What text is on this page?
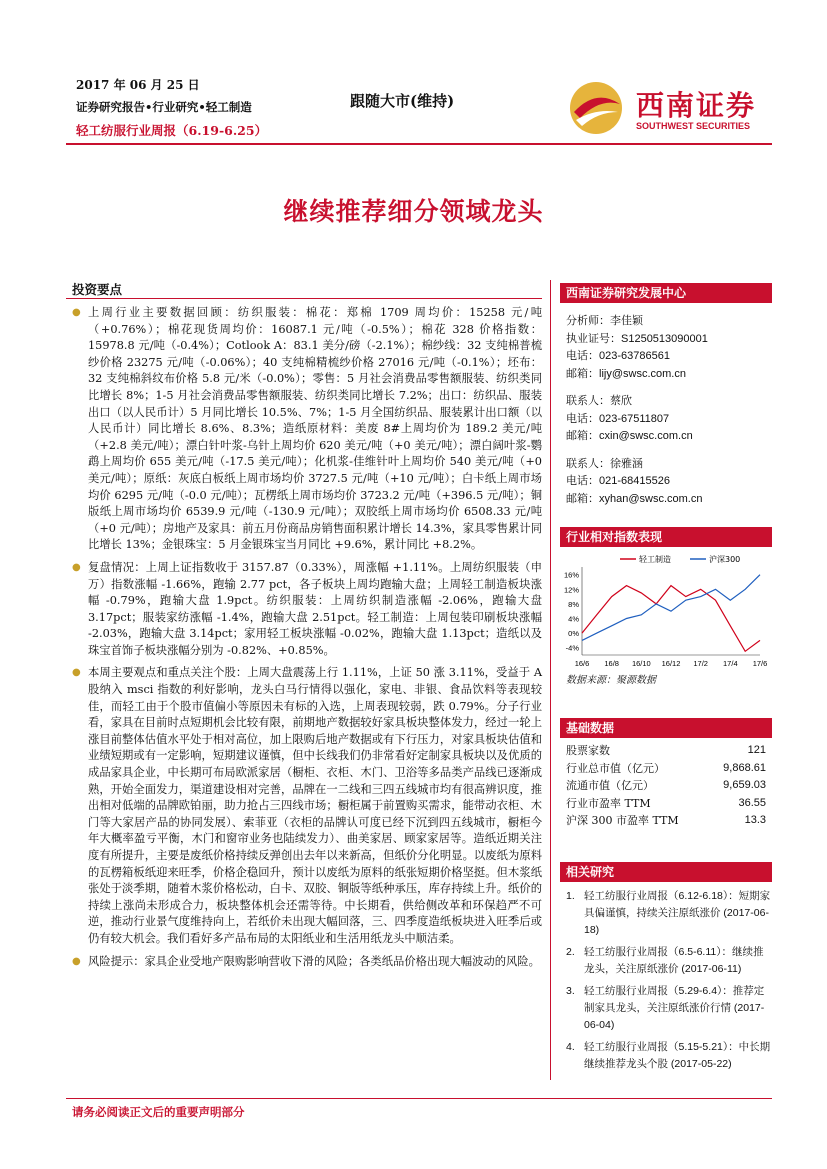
2017 年 06 月 25 日
证券研究报告•行业研究•轻工制造
轻工纺服行业周报（6.19-6.25）
跟随大市(维持)	西南证券
SOUTHWEST SECURITIES
继续推荐细分领域龙头
投资要点

● 上周行业主要数据回顾：纺织服装：棉花：郑棉 1709 周均价：15258 元/吨（+0.76%）；棉花现货周均价：16087.1 元/吨（-0.5%）；棉花 328 价格指数：15978.8 元/吨（-0.4%）；Cotlook A：83.1 美分/磅（-2.1%）；棉纱线：32 支纯棉普梳纱价格 23275 元/吨（-0.06%）；40 支纯棉精梳纱价格 27016 元/吨（-0.1%）；坯布：32 支纯棉斜纹布价格 5.8 元/米（-0.0%）；零售：5 月社会消费品零售额服装、纺织类同比增长 8%；1-5 月社会消费品零售额服装、纺织类同比增长 7.2%；出口：纺织品、服装出口（以人民币计）5 月同比增长 10.5%、7%；1-5 月全国纺织品、服装累计出口额（以人民币计）同比增长 8.6%、8.3%；造纸原材料：美废 8#上周均价为 189.2 美元/吨（+2.8 美元/吨）；漂白针叶浆-乌针上周均价 620 美元/吨（+0 美元/吨）；漂白阔叶浆-鹦鹉上周均价 655 美元/吨（-17.5 美元/吨）；化机浆-佳维针叶上周均价 540 美元/吨（+0 美元/吨）；原纸：灰底白板纸上周市场均价 3727.5 元/吨（+10 元/吨）；白卡纸上周市场均价 6295 元/吨（-0.0 元/吨）；瓦楞纸上周市场均价 3723.2 元/吨（+396.5 元/吨）；铜版纸上周市场均价 6539.9 元/吨（-130.9 元/吨）；双胶纸上周市场均价 6508.33 元/吨（+0 元/吨）；房地产及家具：前五月份商品房销售面积累计增长 14.3%，家具零售累计同比增长 13%；金银珠宝：5 月金银珠宝当月同比 +9.6%，累计同比 +8.2%。

● 复盘情况：上周上证指数收于 3157.87（0.33%），周涨幅 +1.11%。上周纺织服装（申万）指数涨幅 -1.66%，跑输 2.77 pct，各子板块上周均跑输大盘；上周轻工制造板块涨幅 -0.79%，跑输大盘 1.9pct。纺织服装：上周纺织制造涨幅 -2.06%，跑输大盘 3.17pct；服装家纺涨幅 -1.4%，跑输大盘 2.51pct。轻工制造：上周包装印刷板块涨幅 -2.03%，跑输大盘 3.14pct；家用轻工板块涨幅 -0.02%，跑输大盘 1.13pct；造纸以及珠宝首饰子板块涨幅分别为 -0.82%、+0.85%。

● 本周主要观点和重点关注个股：上周大盘震荡上行 1.11%，上证 50 涨 3.11%，受益于 A 股纳入 msci 指数的利好影响，龙头白马行情得以强化，家电、非银、食品饮料等表现较佳，而轻工由于个股市值偏小等原因未有标的入选，上周表现较弱，跌 0.79%。分子行业看，家具在目前时点短期机会比较有限，前期地产数据较好家具板块整体发力，经过一轮上涨目前整体估值水平处于相对高位，加上限购后地产数据或有下行压力，对家具板块估值和业绩短期或有一定影响，短期建议谨慎，但中长线我们仍非常看好定制家具板块以及优质的成品家具企业，中长期可布局欧派家居（橱柜、衣柜、木门、卫浴等多品类产品线已逐渐成熟，开始全面发力，渠道建设相对完善，品牌在一二线和三四五线城市均有很高辨识度，推出相对低端的品牌欧铂丽，助力抢占三四线市场；橱柜属于前置购买需求，能带动衣柜、木门等大家居产品的协同发展）、索菲亚（衣柜的品牌认可度已经下沉到四五线城市，橱柜今年大概率盈亏平衡，木门和窗帘业务也陆续发力）、曲美家居、顾家家居等。造纸近期关注度有所提升，主要是废纸价格持续反弹创出去年以来新高，但纸价分化明显。以废纸为原料的瓦楞箱板纸迎来旺季，价格企稳回升，预计以废纸为原料的纸张短期价格坚挺。但木浆纸张处于淡季期，随着木浆价格松动，白卡、双胶、铜版等纸种承压，库存持续上升。纸价的持续上涨尚未形成合力，板块整体机会还需等待。中长期看，供给侧改革和环保趋严不可逆，推动行业景气度维持向上，若纸价未出现大幅回落，三、四季度造纸板块进入旺季后或仍有较大机会。我们看好多产品布局的太阳纸业和生活用纸龙头中顺洁柔。

● 风险提示：家具企业受地产限购影响营收下滑的风险；各类纸品价格出现大幅波动的风险。

西南证券研究发展中心
分析师：李佳颖
执业证号：S1250513090001
电话：023-63786561
邮箱：lijy@swsc.com.cn
联系人：蔡欣
电话：023-67511807
邮箱：cxin@swsc.com.cn
联系人：徐雅涵
电话：021-68415526
邮箱：xyhan@swsc.com.cn
行业相对指数表现
16%
12%
8%
4%
0%
-4%
16/6 16/8 16/10 16/12 17/2 17/4 17/6
轻工制造	沪深300
数据来源：聚源数据
基础数据
股票家数	121
行业总市值（亿元）	9,868.61
流通市值（亿元）	9,659.03
行业市盈率 TTM	36.55
沪深 300 市盈率 TTM	13.3
相关研究
1. 轻工纺服行业周报（6.12-6.18）：短期家具偏谨慎，持续关注原纸涨价 (2017-06-18)
2. 轻工纺服行业周报（6.5-6.11）：继续推龙头，关注原纸涨价 (2017-06-11)
3. 轻工纺服行业周报（5.29-6.4）：推荐定制家具龙头，关注原纸涨价行情 (2017-06-04)
4. 轻工纺服行业周报（5.15-5.21）：中长期继续推荐龙头个股 (2017-05-22)
请务必阅读正文后的重要声明部分
